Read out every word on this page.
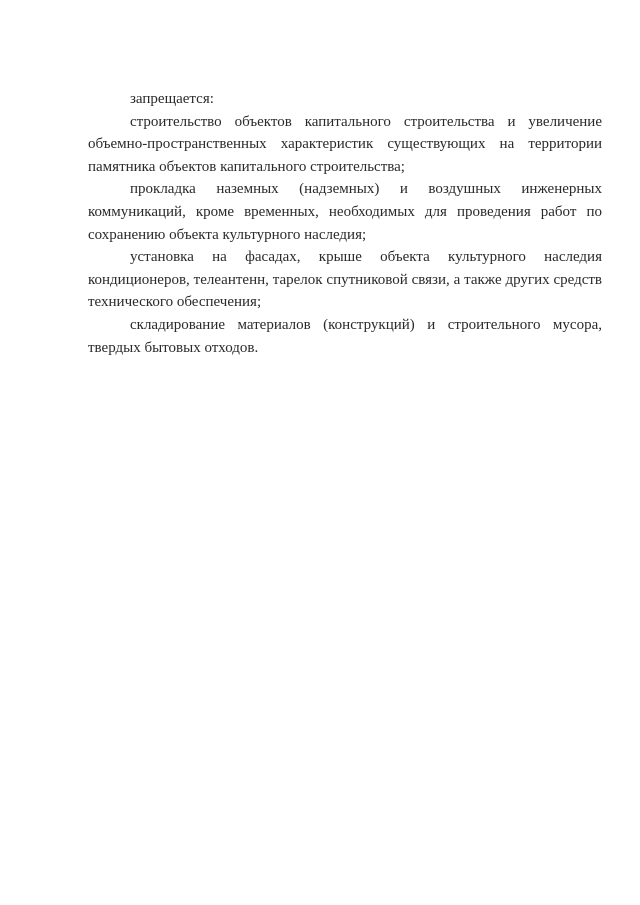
запрещается:

строительство объектов капитального строительства и увеличение объемно-пространственных характеристик существующих на территории памятника объектов капитального строительства;

прокладка наземных (надземных) и воздушных инженерных коммуникаций, кроме временных, необходимых для проведения работ по сохранению объекта культурного наследия;

установка на фасадах, крыше объекта культурного наследия кондиционеров, телеантенн, тарелок спутниковой связи, а также других средств технического обеспечения;

складирование материалов (конструкций) и строительного мусора, твердых бытовых отходов.
